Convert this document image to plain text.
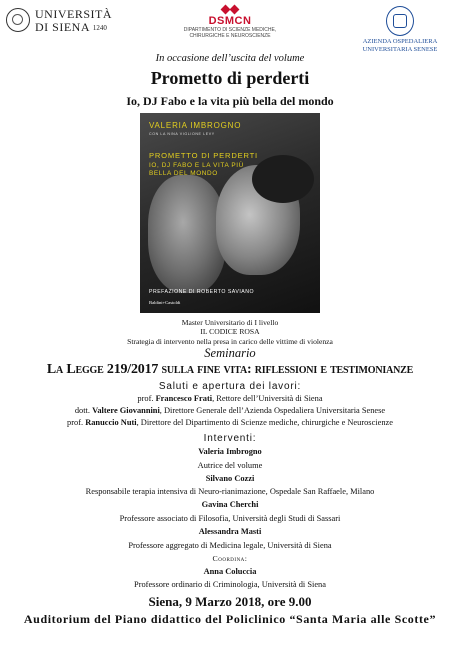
UNIVERSITÀ
DI SIENA 1240
DSMCN
DIPARTIMENTO DI SCIENZE MEDICHE, CHIRURGICHE E NEUROSCIENZE
AZIENDA OSPEDALIERA
UNIVERSITARIA SENESE
In occasione dell’uscita del volume
Prometto di perderti
Io, DJ Fabo e la vita più bella del mondo
VALERIA IMBROGNO
CON LA NINA VIGLIONE LEVY
PROMETTO DI PERDERTI
IO, DJ FABO E LA VITA PIÙ BELLA DEL MONDO
PREFAZIONE DI ROBERTO SAVIANO
Baldini+Castoldi
Master Universitario di I livello
IL CODICE ROSA
Strategia di intervento nella presa in carico delle vittime di violenza
Seminario
La Legge 219/2017 sulla fine vita: riflessioni e testimonianze
Saluti e apertura dei lavori:
prof. Francesco Frati, Rettore dell’Università di Siena
dott. Valtere Giovannini, Direttore Generale dell’Azienda Ospedaliera Universitaria Senese
prof. Ranuccio Nuti, Direttore del Dipartimento di Scienze mediche, chirurgiche e Neuroscienze
Interventi:
Valeria Imbrogno
Autrice del volume
Silvano Cozzi
Responsabile terapia intensiva di Neuro-rianimazione, Ospedale San Raffaele, Milano
Gavina Cherchi
Professore associato di Filosofia, Università degli Studi di Sassari
Alessandra Masti
Professore aggregato di Medicina legale, Università di Siena
Coordina:
Anna Coluccia
Professore ordinario di Criminologia, Università di Siena
Siena, 9 Marzo 2018, ore 9.00
Auditorium del Piano didattico del Policlinico “Santa Maria alle Scotte”
